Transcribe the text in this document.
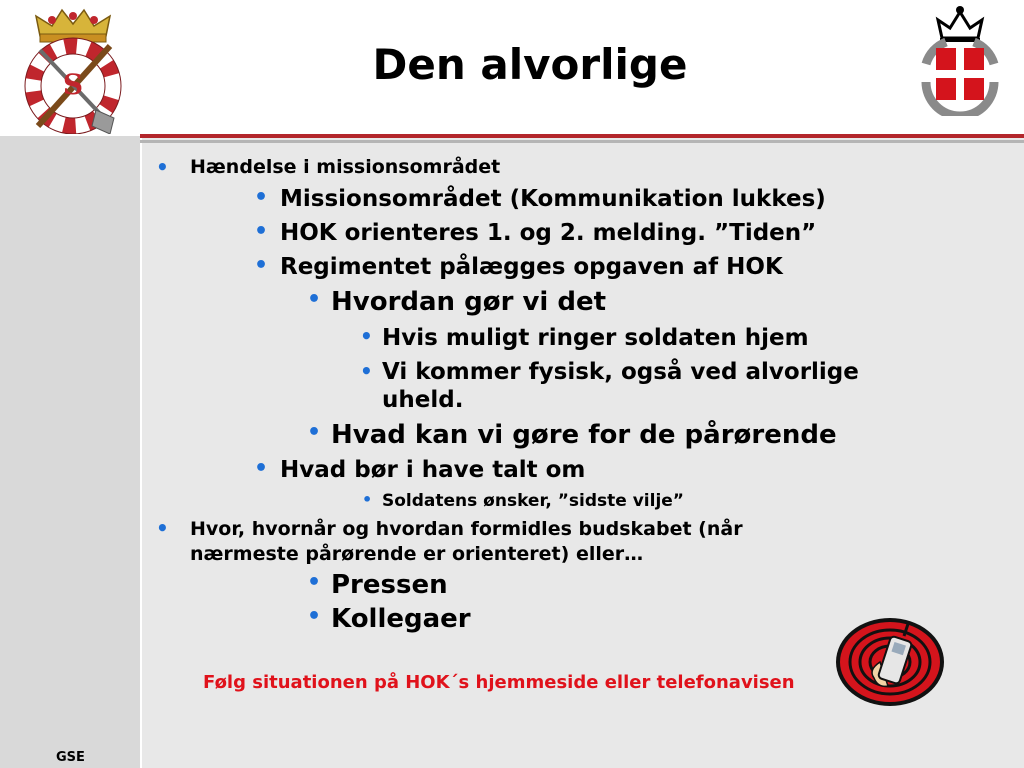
S	Den alvorlige
• Hændelse i missionsområdet
• Missionsområdet (Kommunikation lukkes)
• HOK orienteres 1. og 2. melding. ”Tiden”
• Regimentet pålægges opgaven af HOK
• Hvordan gør vi det
• Hvis muligt ringer soldaten hjem
• Vi kommer fysisk, også ved alvorlige uheld.
• Hvad kan vi gøre for de pårørende
• Hvad bør i have talt om
• Soldatens ønsker, ”sidste vilje”
• Hvor, hvornår og hvordan formidles budskabet (når nærmeste pårørende er orienteret) eller…
• Pressen
• Kollegaer
Følg situationen på HOK´s hjemmeside eller telefonavisen
GSE
